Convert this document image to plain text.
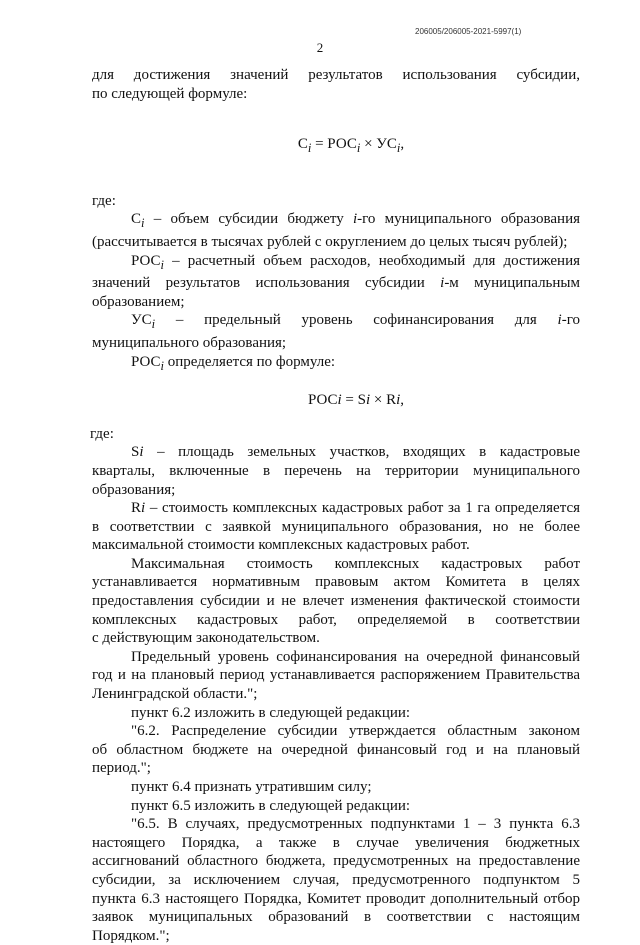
206005/206005-2021-5997(1)
2

для достижения значений результатов использования субсидии,

по следующей формуле:

$C_i = РОС_i \times УС_i$,

где:

$C_i$ – объем субсидии бюджету i-го муниципального образования

(рассчитывается в тысячах рублей с округлением до целых тысяч рублей);

$РОС_i$ – расчетный объем расходов, необходимый для достижения

значений результатов использования субсидии i-м муниципальным

образованием;

$УС_i$ – предельный уровень софинансирования для i-го

муниципального образования;

$РОС_i$ определяется по формуле:

РОСi = Si × Ri,

где:

Si – площадь земельных участков, входящих в кадастровые

кварталы, включенные в перечень на территории муниципального

образования;

Ri – стоимость комплексных кадастровых работ за 1 га определяется

в соответствии с заявкой муниципального образования, но не более

максимальной стоимости комплексных кадастровых работ.

Максимальная стоимость комплексных кадастровых работ

устанавливается нормативным правовым актом Комитета в целях

предоставления субсидии и не влечет изменения фактической стоимости

комплексных кадастровых работ, определяемой в соответствии

с действующим законодательством.

Предельный уровень софинансирования на очередной финансовый

год и на плановый период устанавливается распоряжением Правительства

Ленинградской области.";

пункт 6.2 изложить в следующей редакции:

"6.2. Распределение субсидии утверждается областным законом

об областном бюджете на очередной финансовый год и на плановый

период.";

пункт 6.4 признать утратившим силу;

пункт 6.5 изложить в следующей редакции:

"6.5. В случаях, предусмотренных подпунктами 1 – 3 пункта 6.3

настоящего Порядка, а также в случае увеличения бюджетных

ассигнований областного бюджета, предусмотренных на предоставление

субсидии, за исключением случая, предусмотренного подпунктом 5

пункта 6.3 настоящего Порядка, Комитет проводит дополнительный отбор

заявок муниципальных образований в соответствии с настоящим

Порядком.";
